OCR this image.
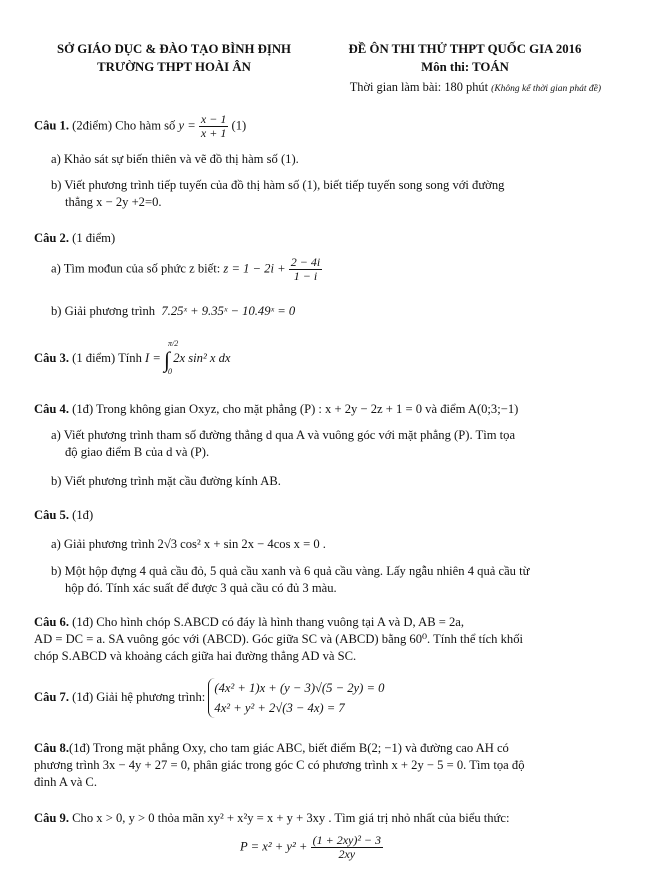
SỞ GIÁO DỤC & ĐÀO TẠO BÌNH ĐỊNH
TRƯỜNG THPT HOÀI ÂN
ĐỀ ÔN THI THỬ THPT QUỐC GIA 2016
Môn thi: TOÁN
Thời gian làm bài: 180 phút (Không kể thời gian phát đề)
Câu 1. (2điểm) Cho hàm số $y = \frac{x - 1}{x + 1} (1)$
a) Khảo sát sự biến thiên và vẽ đồ thị hàm số (1).
b) Viết phương trình tiếp tuyến của đồ thị hàm số (1), biết tiếp tuyến song song với đường
thẳng x − 2y +2=0.
Câu 2. (1 điểm)
a) Tìm mođun của số phức z biết: $z = 1 - 2i + \frac{2 - 4i}{1 - i}$
b) Giải phương trình 7.25ˣ + 9.35ˣ − 10.49ˣ = 0
Câu 3. (1 điểm) Tính I = ∫
π/2
0
2x sin² x dx
Câu 4. (1đ) Trong không gian Oxyz, cho mặt phẳng (P) : x + 2y − 2z + 1 = 0 và điểm A(0;3;−1)
a) Viết phương trình tham số đường thẳng d qua A và vuông góc với mặt phẳng (P). Tìm tọa
độ giao điểm B của d và (P).
b) Viết phương trình mặt cầu đường kính AB.
Câu 5. (1đ)
a) Giải phương trình 2√3 cos² x + sin 2x − 4cos x = 0 .
b) Một hộp đựng 4 quả cầu đỏ, 5 quả cầu xanh và 6 quả cầu vàng. Lấy ngẫu nhiên 4 quả cầu từ
hộp đó. Tính xác suất để được 3 quả cầu có đủ 3 màu.
Câu 6. (1đ) Cho hình chóp S.ABCD có đáy là hình thang vuông tại A và D, AB = 2a,
AD = DC = a. SA vuông góc với (ABCD). Góc giữa SC và (ABCD) bằng 60⁰. Tính thể tích khối
chóp S.ABCD và khoảng cách giữa hai đường thẳng AD và SC.
Câu 7. (1đ) Giải hệ phương trình:
(4x² + 1)x + (y − 3)√(5 − 2y) = 0
4x² + y² + 2√(3 − 4x) = 7
Câu 8.(1đ) Trong mặt phẳng Oxy, cho tam giác ABC, biết điểm B(2; −1) và đường cao AH có
phương trình 3x − 4y + 27 = 0, phân giác trong góc C có phương trình x + 2y − 5 = 0. Tìm tọa độ
đỉnh A và C.
Câu 9. Cho x > 0, y > 0 thỏa mãn xy² + x²y = x + y + 3xy . Tìm giá trị nhỏ nhất của biểu thức:
$P = x^2 + y^2 + \frac{\text{(1 + 2xy)² − 3}}{2xy}$
